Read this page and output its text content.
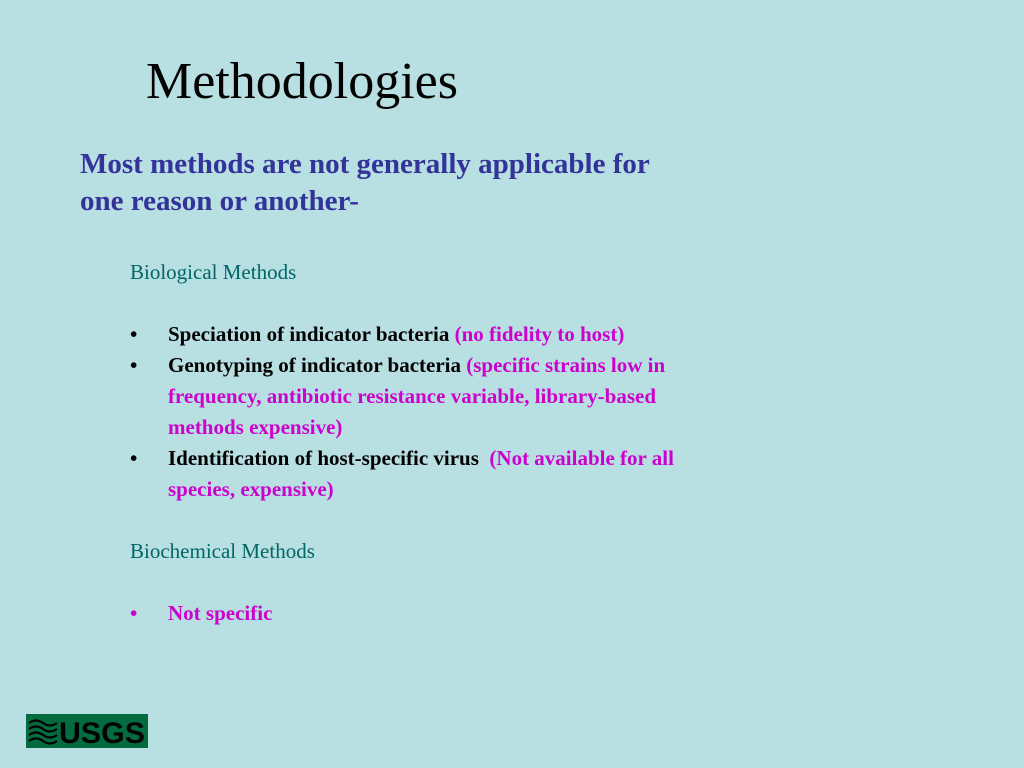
Methodologies
Most methods are not generally applicable for
one reason or another-
Biological Methods
• Speciation of indicator bacteria (no fidelity to host)
• Genotyping of indicator bacteria (specific strains low in
frequency, antibiotic resistance variable, library-based
methods expensive)
• Identification of host-specific virus (Not available for all
species, expensive)
Biochemical Methods
• Not specific
USGS
